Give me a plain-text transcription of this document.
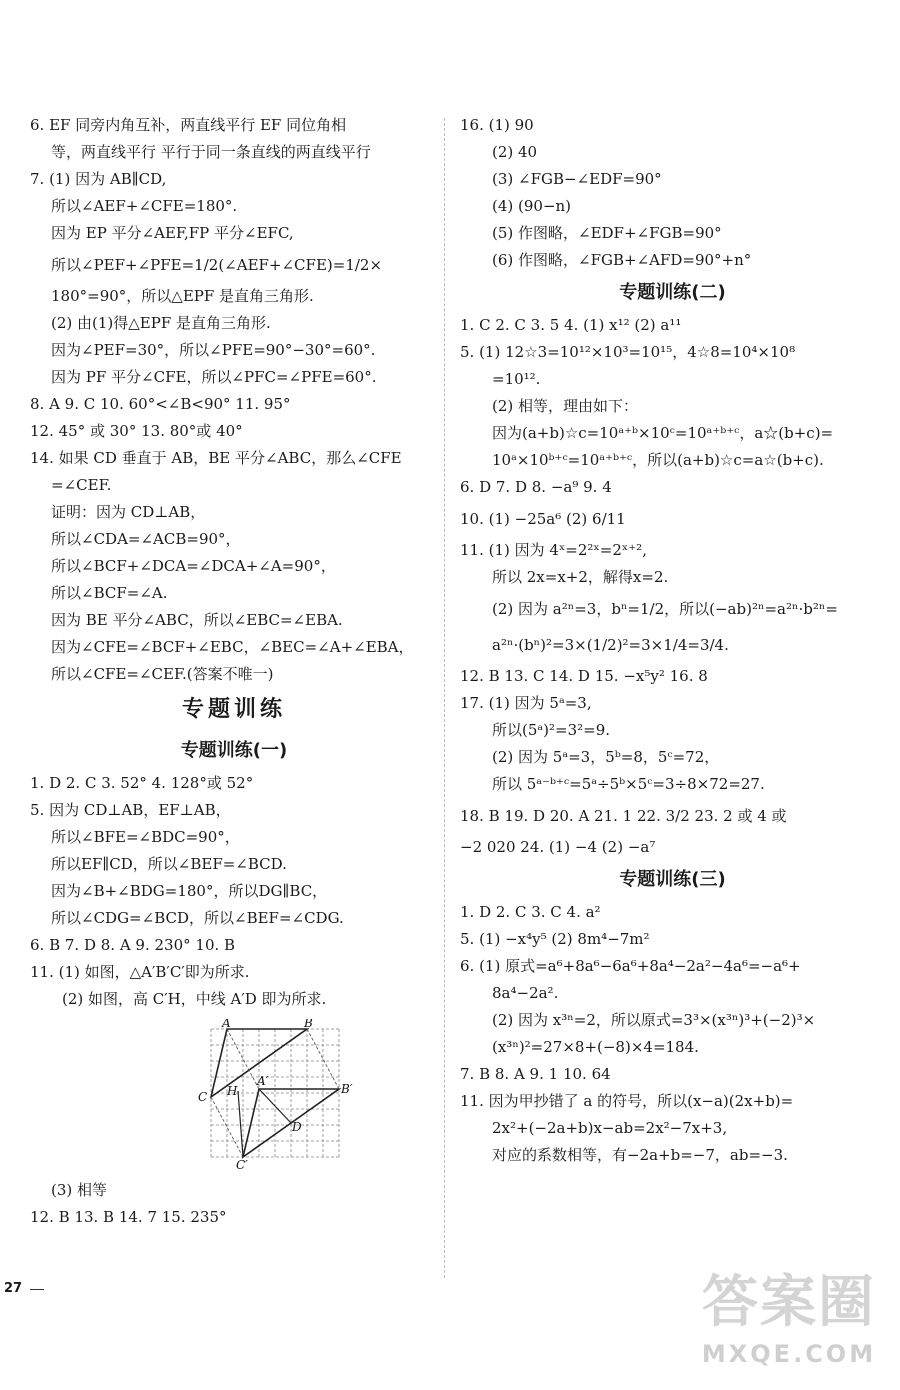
6. EF 同旁内角互补，两直线平行 EF 同位角相
等，两直线平行 平行于同一条直线的两直线平行
7. (1) 因为 AB∥CD,
所以∠AEF+∠CFE=180°.
因为 EP 平分∠AEF,FP 平分∠EFC,
所以∠PEF+∠PFE=1/2(∠AEF+∠CFE)=1/2×
180°=90°，所以△EPF 是直角三角形.
(2) 由(1)得△EPF 是直角三角形.
因为∠PEF=30°，所以∠PFE=90°−30°=60°.
因为 PF 平分∠CFE，所以∠PFC=∠PFE=60°.
8. A 9. C 10. 60°<∠B<90° 11. 95°
12. 45° 或 30° 13. 80°或 40°
14. 如果 CD 垂直于 AB，BE 平分∠ABC，那么∠CFE
=∠CEF.
证明：因为 CD⊥AB，
所以∠CDA=∠ACB=90°，
所以∠BCF+∠DCA=∠DCA+∠A=90°，
所以∠BCF=∠A.
因为 BE 平分∠ABC，所以∠EBC=∠EBA.
因为∠CFE=∠BCF+∠EBC，∠BEC=∠A+∠EBA，
所以∠CFE=∠CEF.(答案不唯一)
专题训练
专题训练(一)
1. D 2. C 3. 52° 4. 128°或 52°
5. 因为 CD⊥AB，EF⊥AB，
所以∠BFE=∠BDC=90°，
所以EF∥CD，所以∠BEF=∠BCD.
因为∠B+∠BDG=180°，所以DG∥BC，
所以∠CDG=∠BCD，所以∠BEF=∠CDG.
6. B 7. D 8. A 9. 230° 10. B
11. (1) 如图，△A′B′C′即为所求.
(2) 如图，高 C′H，中线 A′D 即为所求.
A	B
C H
A′
B′
D
C′
(3) 相等
12. B 13. B 14. 7 15. 235°
16. (1) 90
(2) 40
(3) ∠FGB−∠EDF=90°
(4) (90−n)
(5) 作图略，∠EDF+∠FGB=90°
(6) 作图略，∠FGB+∠AFD=90°+n°
专题训练(二)
1. C 2. C 3. 5 4. (1) x¹² (2) a¹¹
5. (1) 12☆3=10¹²×10³=10¹⁵，4☆8=10⁴×10⁸
=10¹².
(2) 相等，理由如下：
因为(a+b)☆c=10ᵃ⁺ᵇ×10ᶜ=10ᵃ⁺ᵇ⁺ᶜ，a☆(b+c)=
10ᵃ×10ᵇ⁺ᶜ=10ᵃ⁺ᵇ⁺ᶜ，所以(a+b)☆c=a☆(b+c).
6. D 7. D 8. −a⁹ 9. 4
10. (1) −25a⁶ (2) 6/11
11. (1) 因为 4ˣ=2²ˣ=2ˣ⁺²,
所以 2x=x+2，解得x=2.
(2) 因为 a²ⁿ=3，bⁿ=1/2，所以(−ab)²ⁿ=a²ⁿ·b²ⁿ=
a²ⁿ·(bⁿ)²=3×(1/2)²=3×1/4=3/4.
12. B 13. C 14. D 15. −x⁵y² 16. 8
17. (1) 因为 5ᵃ=3,
所以(5ᵃ)²=3²=9.
(2) 因为 5ᵃ=3，5ᵇ=8，5ᶜ=72，
所以 5ᵃ⁻ᵇ⁺ᶜ=5ᵃ÷5ᵇ×5ᶜ=3÷8×72=27.
18. B 19. D 20. A 21. 1 22. 3/2 23. 2 或 4 或
−2 020 24. (1) −4 (2) −a⁷
专题训练(三)
1. D 2. C 3. C 4. a²
5. (1) −x⁴y⁵ (2) 8m⁴−7m²
6. (1) 原式=a⁶+8a⁶−6a⁶+8a⁴−2a²−4a⁶=−a⁶+
8a⁴−2a².
(2) 因为 x³ⁿ=2，所以原式=3³×(x³ⁿ)³+(−2)³×
(x³ⁿ)²=27×8+(−8)×4=184.
7. B 8. A 9. 1 10. 64
11. 因为甲抄错了 a 的符号，所以(x−a)(2x+b)=
2x²+(−2a+b)x−ab=2x²−7x+3,
对应的系数相等，有−2a+b=−7，ab=−3.
27	答案圈
MXQE.COM
